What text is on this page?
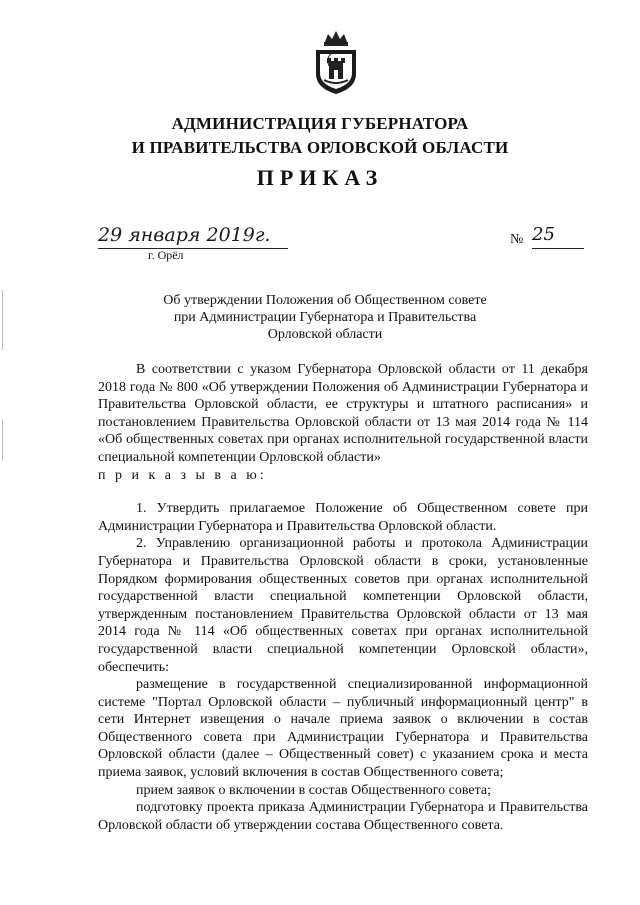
АДМИНИСТРАЦИЯ ГУБЕРНАТОРА
И ПРАВИТЕЛЬСТВА ОРЛОВСКОЙ ОБЛАСТИ
ПРИКАЗ
29 января 2019г.
г. Орёл
№ 25
Об утверждении Положения об Общественном совете
при Администрации Губернатора и Правительства
Орловской области

В соответствии с указом Губернатора Орловской области от 11 декабря 2018 года № 800 «Об утверждении Положения об Администрации Губернатора и Правительства Орловской области, ее структуры и штатного расписания» и постановлением Правительства Орловской области от 13 мая 2014 года № 114 «Об общественных советах при органах исполнительной государственной власти специальной компетенции Орловской области»

п р и к а з ы в а ю:

1. Утвердить прилагаемое Положение об Общественном совете при Администрации Губернатора и Правительства Орловской области.

2. Управлению организационной работы и протокола Администрации Губернатора и Правительства Орловской области в сроки, установленные Порядком формирования общественных советов при органах исполнительной государственной власти специальной компетенции Орловской области, утвержденным постановлением Правительства Орловской области от 13 мая 2014 года № 114 «Об общественных советах при органах исполнительной государственной власти специальной компетенции Орловской области», обеспечить:

размещение в государственной специализированной информационной системе "Портал Орловской области – публичный информационный центр" в сети Интернет извещения о начале приема заявок о включении в состав Общественного совета при Администрации Губернатора и Правительства Орловской области (далее – Общественный совет) с указанием срока и места приема заявок, условий включения в состав Общественного совета;

прием заявок о включении в состав Общественного совета;

подготовку проекта приказа Администрации Губернатора и Правительства Орловской области об утверждении состава Общественного совета.
